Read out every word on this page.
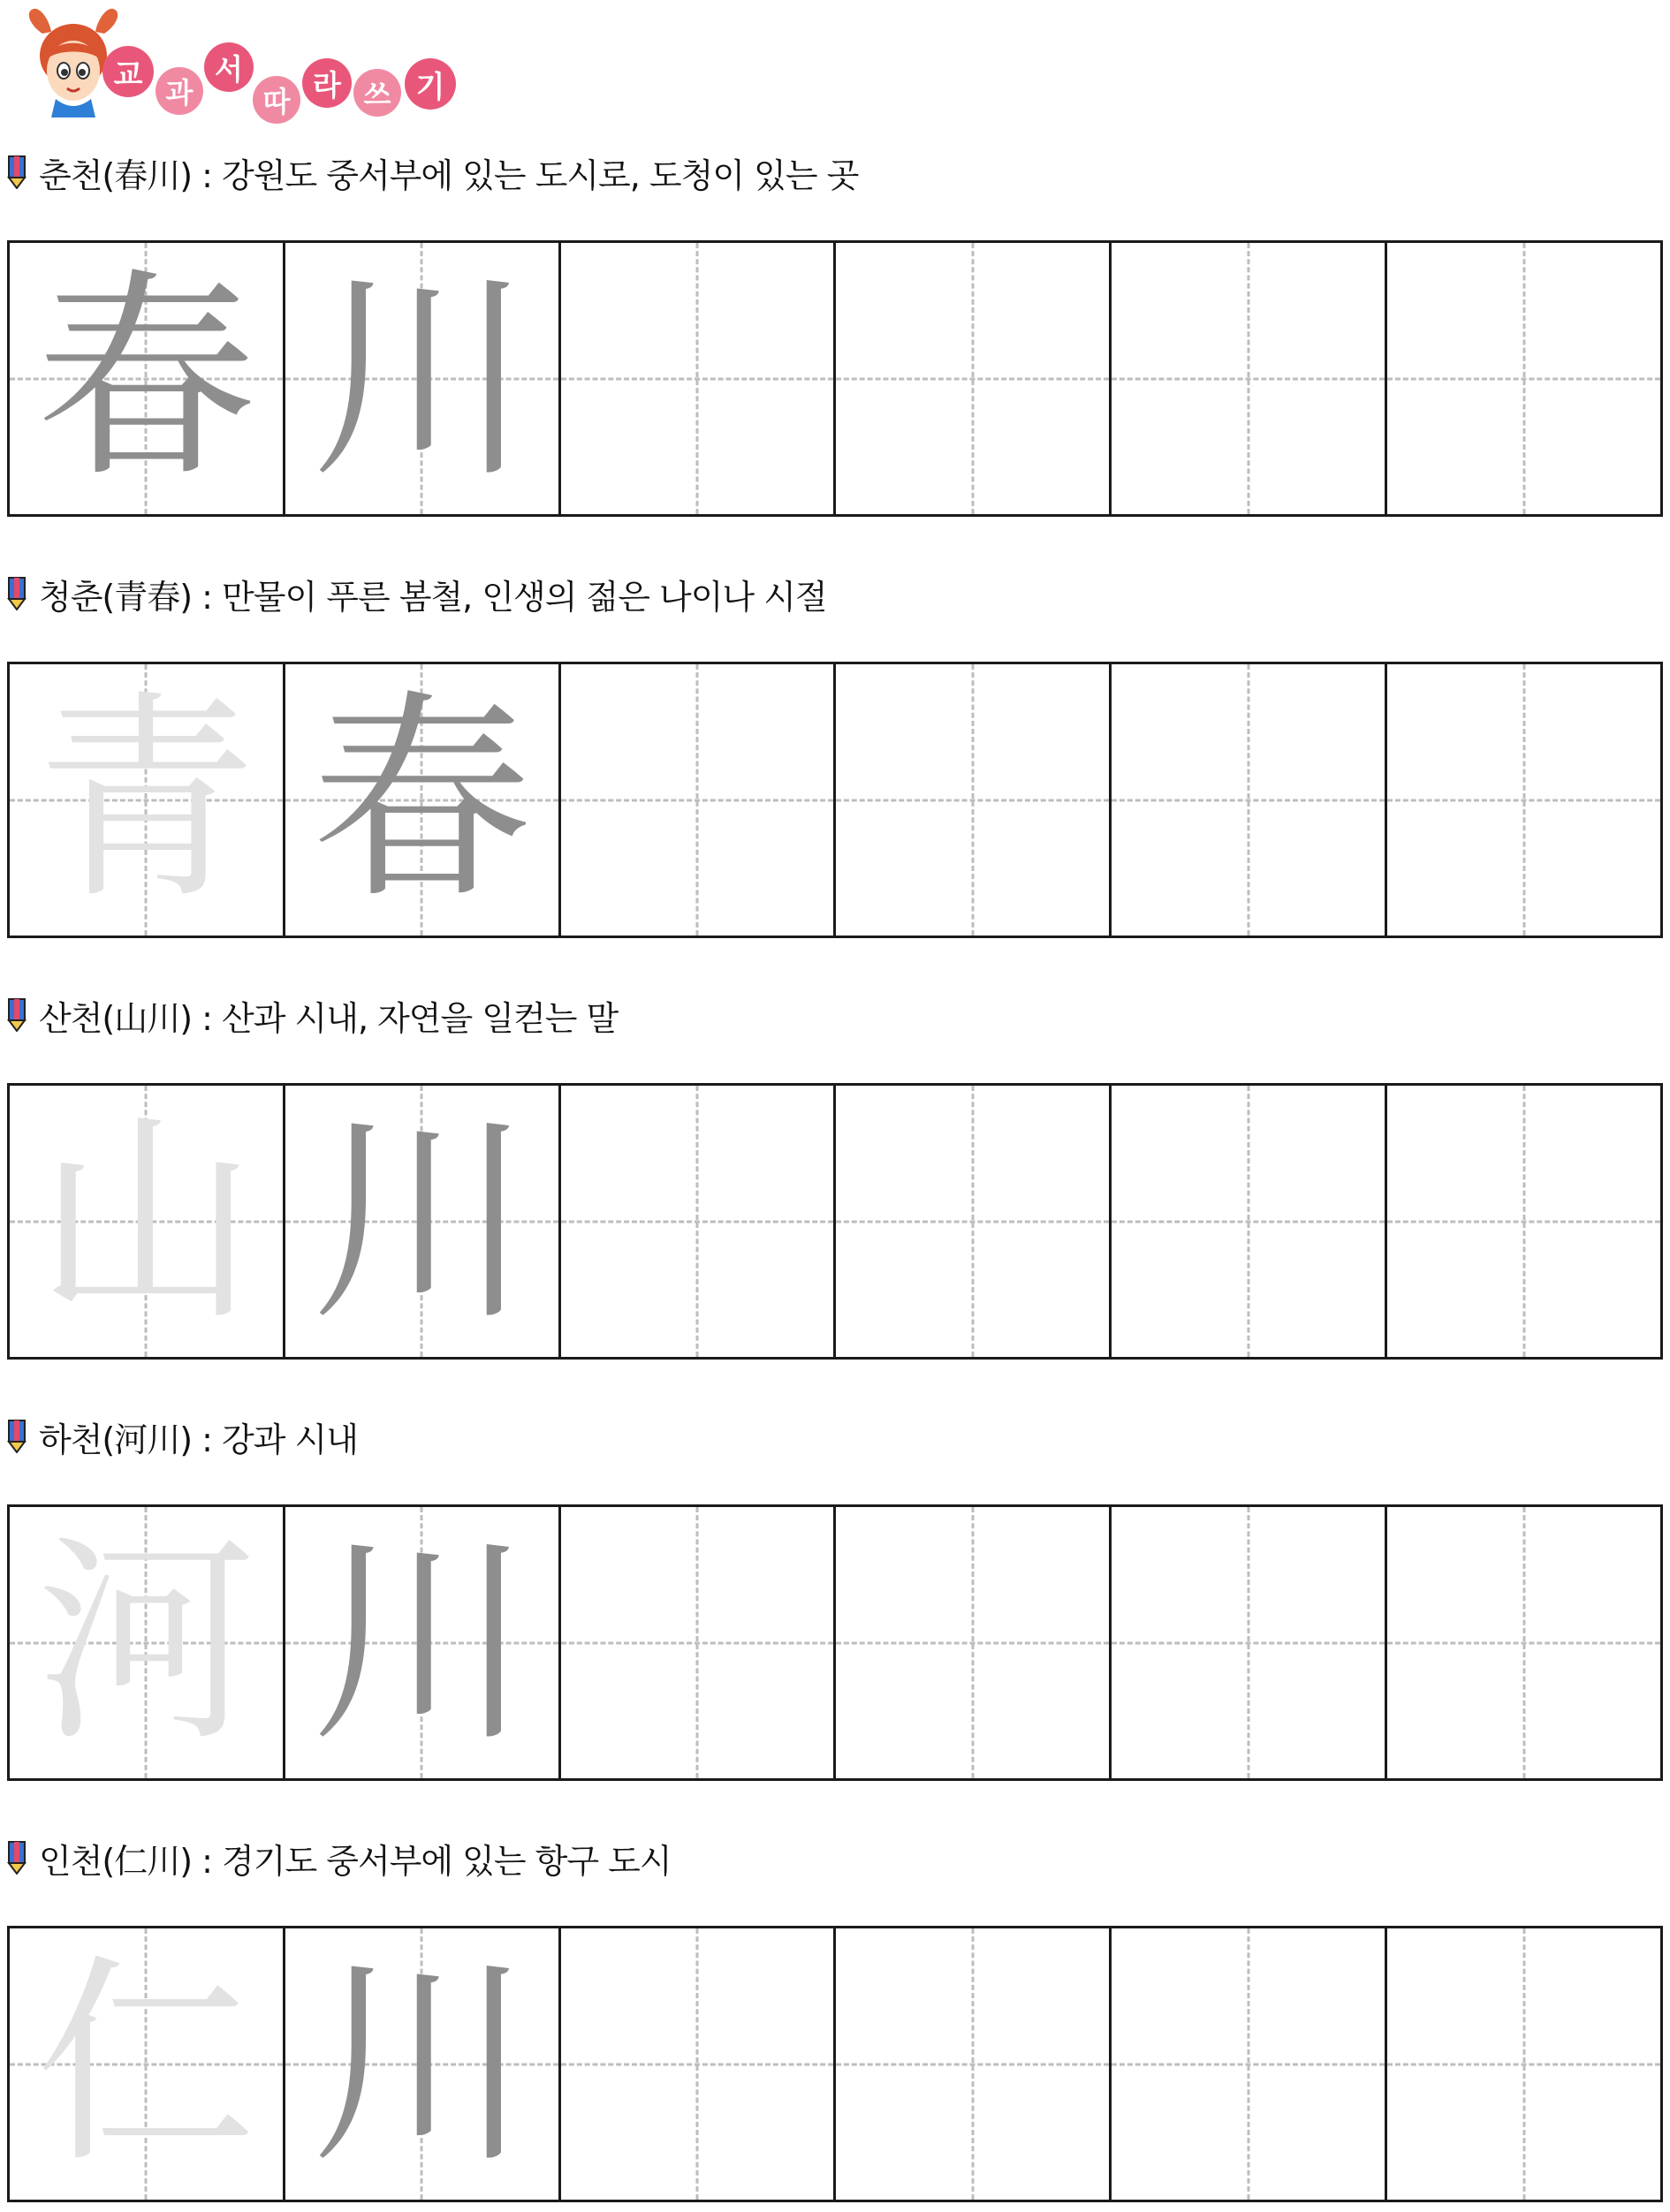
교
과
서
따 라 쓰 기
춘천(春川) : 강원도 중서부에 있는 도시로, 도청이 있는 곳
春 川
청춘(青春) : 만물이 푸른 봄철, 인생의 젊은 나이나 시절
青 春
산천(山川) : 산과 시내, 자연을 일컫는 말
山 川
하천(河川) : 강과 시내
河 川
인천(仁川) : 경기도 중서부에 있는 항구 도시
仁 川
